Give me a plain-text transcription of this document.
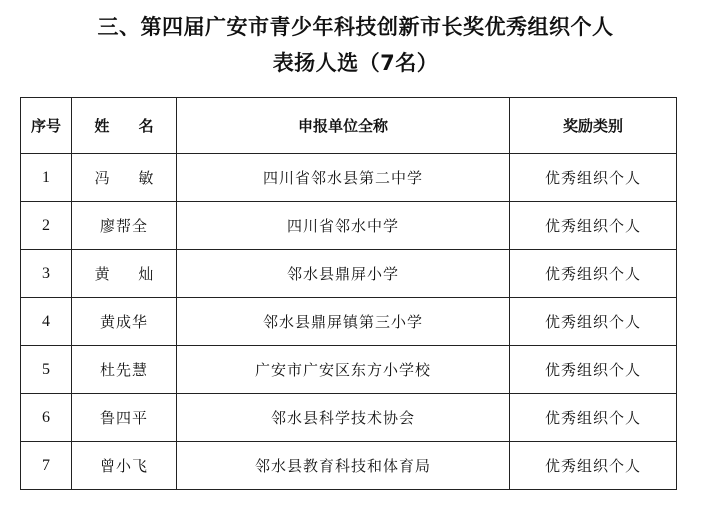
三、第四届广安市青少年科技创新市长奖优秀组织个人
表扬人选（7名）
序号	姓 名	申报单位全称	奖励类别
1	冯 敏	四川省邻水县第二中学	优秀组织个人
2	廖帮全	四川省邻水中学	优秀组织个人
3	黄 灿	邻水县鼎屏小学	优秀组织个人
4	黄成华	邻水县鼎屏镇第三小学	优秀组织个人
5	杜先慧	广安市广安区东方小学校	优秀组织个人
6	鲁四平	邻水县科学技术协会	优秀组织个人
7	曾小飞	邻水县教育科技和体育局	优秀组织个人
